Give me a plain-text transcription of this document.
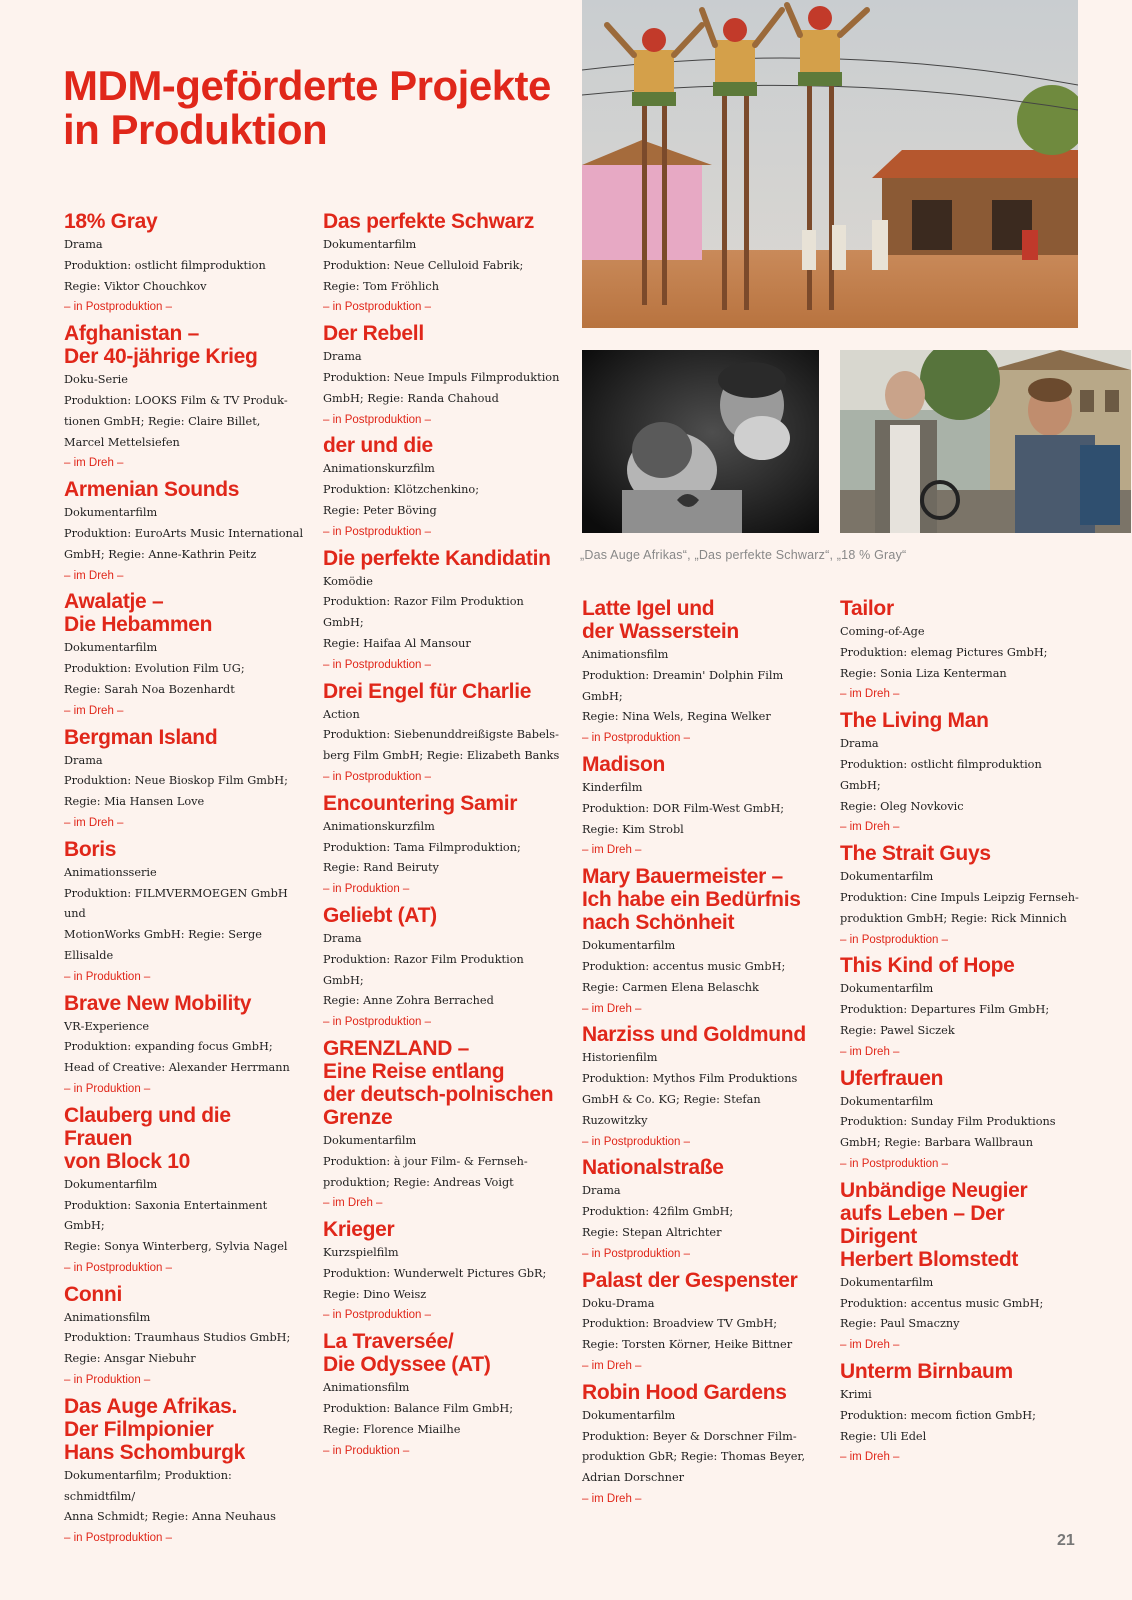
MDM-geförderte Projekte
in Produktion
„Das Auge Afrikas“, „Das perfekte Schwarz“, „18 % Gray“
18% Gray
Drama
Produktion: ostlicht filmproduktion
Regie: Viktor Chouchkov
– in Postproduktion –
Afghanistan –
Der 40-jährige Krieg
Doku-Serie
Produktion: LOOKS Film & TV Produk-
tionen GmbH; Regie: Claire Billet,
Marcel Mettelsiefen
– im Dreh –
Armenian Sounds
Dokumentarfilm
Produktion: EuroArts Music International
GmbH; Regie: Anne-Kathrin Peitz
– im Dreh –
Awalatje –
Die Hebammen
Dokumentarfilm
Produktion: Evolution Film UG;
Regie: Sarah Noa Bozenhardt
– im Dreh –
Bergman Island
Drama
Produktion: Neue Bioskop Film GmbH;
Regie: Mia Hansen Love
– im Dreh –
Boris
Animationsserie
Produktion: FILMVERMOEGEN GmbH und
MotionWorks GmbH: Regie: Serge Ellisalde
– in Produktion –
Brave New Mobility
VR-Experience
Produktion: expanding focus GmbH;
Head of Creative: Alexander Herrmann
– in Produktion –
Clauberg und die Frauen
von Block 10
Dokumentarfilm
Produktion: Saxonia Entertainment GmbH;
Regie: Sonya Winterberg, Sylvia Nagel
– in Postproduktion –
Conni
Animationsfilm
Produktion: Traumhaus Studios GmbH;
Regie: Ansgar Niebuhr
– in Produktion –
Das Auge Afrikas.
Der Filmpionier
Hans Schomburgk
Dokumentarfilm; Produktion: schmidtfilm/
Anna Schmidt; Regie: Anna Neuhaus
– in Postproduktion –
Das perfekte Schwarz
Dokumentarfilm
Produktion: Neue Celluloid Fabrik;
Regie: Tom Fröhlich
– in Postproduktion –
Der Rebell
Drama
Produktion: Neue Impuls Filmproduktion
GmbH; Regie: Randa Chahoud
– in Postproduktion –
der und die
Animationskurzfilm
Produktion: Klötzchenkino;
Regie: Peter Böving
– in Postproduktion –
Die perfekte Kandidatin
Komödie
Produktion: Razor Film Produktion GmbH;
Regie: Haifaa Al Mansour
– in Postproduktion –
Drei Engel für Charlie
Action
Produktion: Siebenunddreißigste Babels-
berg Film GmbH; Regie: Elizabeth Banks
– in Postproduktion –
Encountering Samir
Animationskurzfilm
Produktion: Tama Filmproduktion;
Regie: Rand Beiruty
– in Produktion –
Geliebt (AT)
Drama
Produktion: Razor Film Produktion GmbH;
Regie: Anne Zohra Berrached
– in Postproduktion –
GRENZLAND –
Eine Reise entlang
der deutsch-polnischen
Grenze
Dokumentarfilm
Produktion: à jour Film- & Fernseh-
produktion; Regie: Andreas Voigt
– im Dreh –
Krieger
Kurzspielfilm
Produktion: Wunderwelt Pictures GbR;
Regie: Dino Weisz
– in Postproduktion –
La Traversée/
Die Odyssee (AT)
Animationsfilm
Produktion: Balance Film GmbH;
Regie: Florence Miailhe
– in Produktion –
Latte Igel und
der Wasserstein
Animationsfilm
Produktion: Dreamin' Dolphin Film GmbH;
Regie: Nina Wels, Regina Welker
– in Postproduktion –
Madison
Kinderfilm
Produktion: DOR Film-West GmbH;
Regie: Kim Strobl
– im Dreh –
Mary Bauermeister –
Ich habe ein Bedürfnis
nach Schönheit
Dokumentarfilm
Produktion: accentus music GmbH;
Regie: Carmen Elena Belaschk
– im Dreh –
Narziss und Goldmund
Historienfilm
Produktion: Mythos Film Produktions
GmbH & Co. KG; Regie: Stefan Ruzowitzky
– in Postproduktion –
Nationalstraße
Drama
Produktion: 42film GmbH;
Regie: Stepan Altrichter
– in Postproduktion –
Palast der Gespenster
Doku-Drama
Produktion: Broadview TV GmbH;
Regie: Torsten Körner, Heike Bittner
– im Dreh –
Robin Hood Gardens
Dokumentarfilm
Produktion: Beyer & Dorschner Film-
produktion GbR; Regie: Thomas Beyer,
Adrian Dorschner
– im Dreh –
Tailor
Coming-of-Age
Produktion: elemag Pictures GmbH;
Regie: Sonia Liza Kenterman
– im Dreh –
The Living Man
Drama
Produktion: ostlicht filmproduktion GmbH;
Regie: Oleg Novkovic
– im Dreh –
The Strait Guys
Dokumentarfilm
Produktion: Cine Impuls Leipzig Fernseh-
produktion GmbH; Regie: Rick Minnich
– in Postproduktion –
This Kind of Hope
Dokumentarfilm
Produktion: Departures Film GmbH;
Regie: Pawel Siczek
– im Dreh –
Uferfrauen
Dokumentarfilm
Produktion: Sunday Film Produktions
GmbH; Regie: Barbara Wallbraun
– in Postproduktion –
Unbändige Neugier
aufs Leben – Der Dirigent
Herbert Blomstedt
Dokumentarfilm
Produktion: accentus music GmbH;
Regie: Paul Smaczny
– im Dreh –
Unterm Birnbaum
Krimi
Produktion: mecom fiction GmbH;
Regie: Uli Edel
– im Dreh –
21
